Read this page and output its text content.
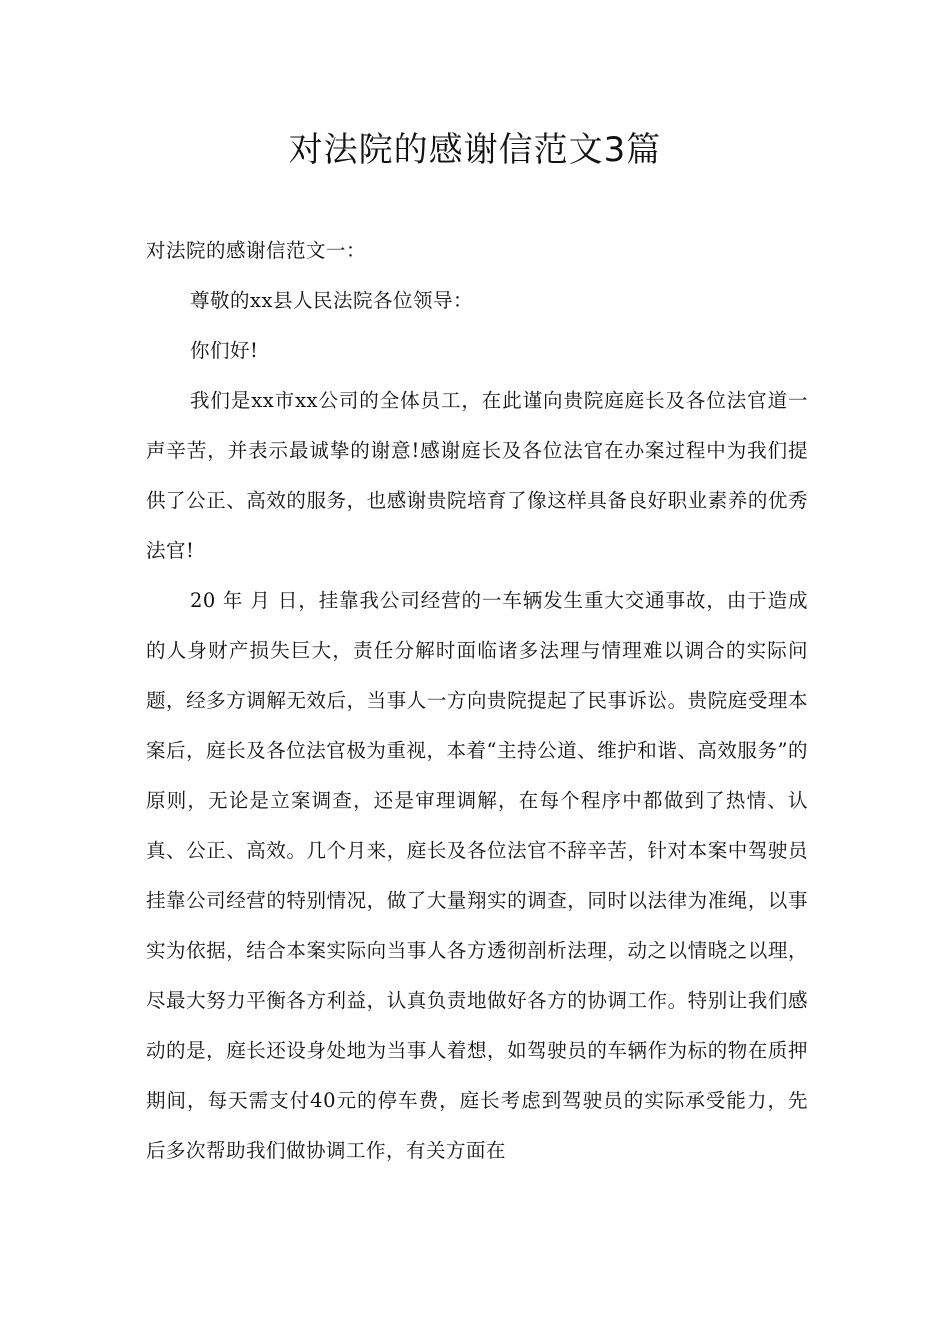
对法院的感谢信范文3篇

对法院的感谢信范文一：

尊敬的xx县人民法院各位领导：

你们好!

我们是xx市xx公司的全体员工，在此谨向贵院庭庭长及各位法官道一声辛苦，并表示最诚挚的谢意!感谢庭长及各位法官在办案过程中为我们提供了公正、高效的服务，也感谢贵院培育了像这样具备良好职业素养的优秀法官!

20 年 月 日，挂靠我公司经营的一车辆发生重大交通事故，由于造成的人身财产损失巨大，责任分解时面临诸多法理与情理难以调合的实际问题，经多方调解无效后，当事人一方向贵院提起了民事诉讼。贵院庭受理本案后，庭长及各位法官极为重视，本着“主持公道、维护和谐、高效服务”的原则，无论是立案调查，还是审理调解，在每个程序中都做到了热情、认真、公正、高效。几个月来，庭长及各位法官不辞辛苦，针对本案中驾驶员挂靠公司经营的特别情况，做了大量翔实的调查，同时以法律为准绳，以事实为依据，结合本案实际向当事人各方透彻剖析法理，动之以情晓之以理，尽最大努力平衡各方利益，认真负责地做好各方的协调工作。特别让我们感动的是，庭长还设身处地为当事人着想，如驾驶员的车辆作为标的物在质押期间，每天需支付40元的停车费，庭长考虑到驾驶员的实际承受能力，先后多次帮助我们做协调工作，有关方面在
